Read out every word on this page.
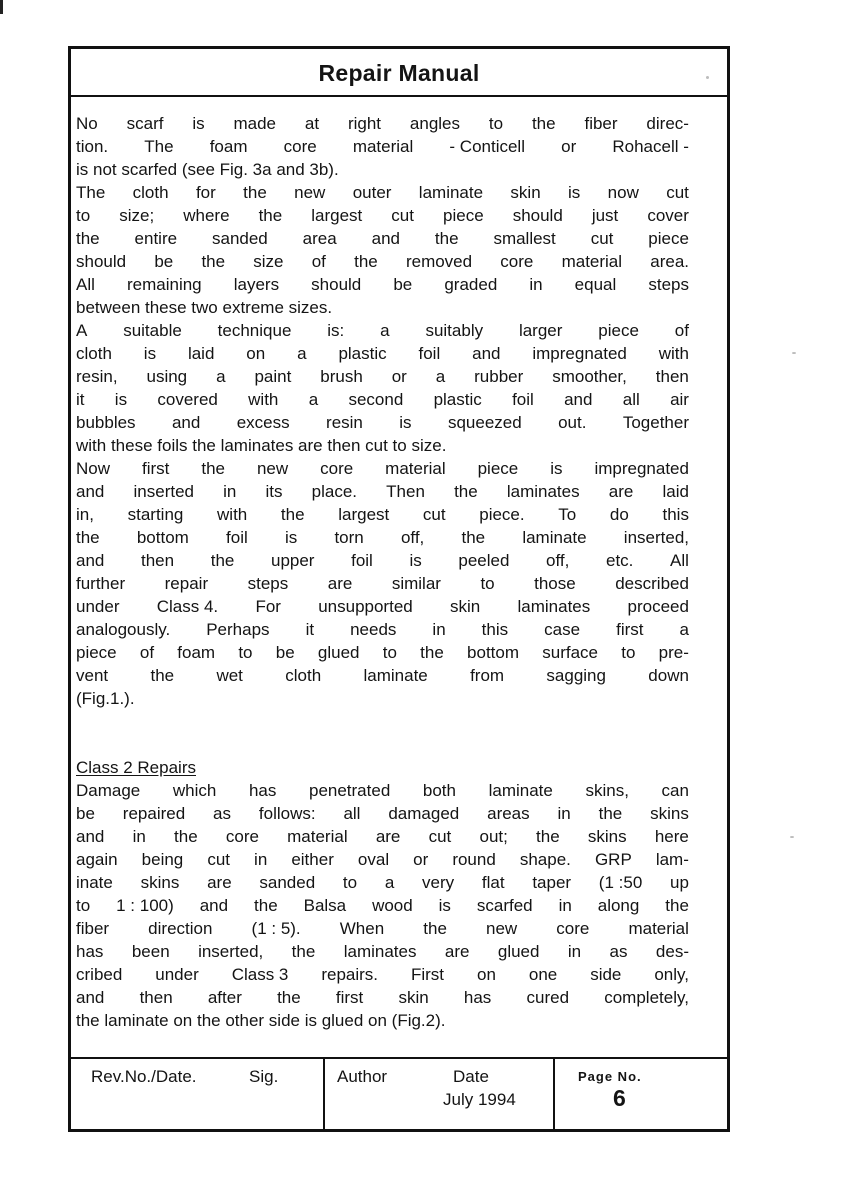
Repair Manual
No scarf is made at right angles to the fiber direc-
tion. The foam core material - Conticell or Rohacell -
is not scarfed (see Fig. 3a and 3b).
The cloth for the new outer laminate skin is now cut
to size; where the largest cut piece should just cover
the entire sanded area and the smallest cut piece
should be the size of the removed core material area.
All remaining layers should be graded in equal steps
between these two extreme sizes.
A suitable technique is: a suitably larger piece of
cloth is laid on a plastic foil and impregnated with
resin, using a paint brush or a rubber smoother, then
it is covered with a second plastic foil and all air
bubbles and excess resin is squeezed out. Together
with these foils the laminates are then cut to size.
Now first the new core material piece is impregnated
and inserted in its place. Then the laminates are laid
in, starting with the largest cut piece. To do this
the bottom foil is torn off, the laminate inserted,
and then the upper foil is peeled off, etc. All
further repair steps are similar to those described
under Class 4. For unsupported skin laminates proceed
analogously. Perhaps it needs in this case first a
piece of foam to be glued to the bottom surface to pre-
vent the wet cloth laminate from sagging down
(Fig.1.).
Class 2 Repairs
Damage which has penetrated both laminate skins, can
be repaired as follows: all damaged areas in the skins
and in the core material are cut out; the skins here
again being cut in either oval or round shape. GRP lam-
inate skins are sanded to a very flat taper (1 :50 up
to 1 : 100) and the Balsa wood is scarfed in along the
fiber direction (1 : 5). When the new core material
has been inserted, the laminates are glued in as des-
cribed under Class 3 repairs. First on one side only,
and then after the first skin has cured completely,
the laminate on the other side is glued on (Fig.2).
Rev.No./Date.	Sig.	Author	Date
July 1994
Page No.
6
